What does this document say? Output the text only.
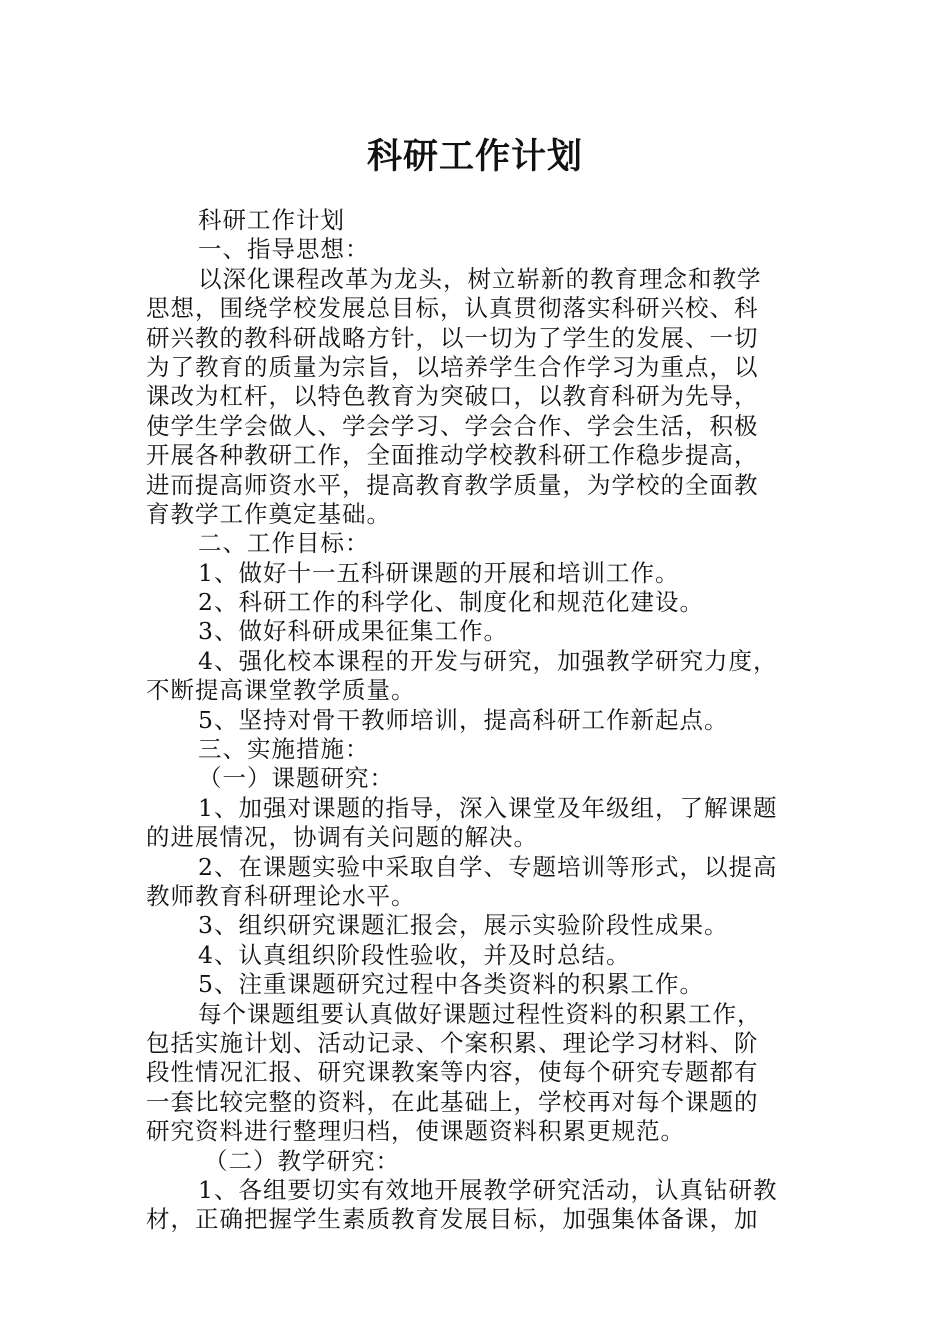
科研工作计划
科研工作计划
一、指导思想：
以深化课程改革为龙头，树立崭新的教育理念和教学
思想，围绕学校发展总目标，认真贯彻落实科研兴校、科
研兴教的教科研战略方针，以一切为了学生的发展、一切
为了教育的质量为宗旨，以培养学生合作学习为重点，以
课改为杠杆，以特色教育为突破口，以教育科研为先导，
使学生学会做人、学会学习、学会合作、学会生活，积极
开展各种教研工作，全面推动学校教科研工作稳步提高，
进而提高师资水平，提高教育教学质量，为学校的全面教
育教学工作奠定基础。
二、工作目标：
1、做好十一五科研课题的开展和培训工作。
2、科研工作的科学化、制度化和规范化建设。
3、做好科研成果征集工作。
4、强化校本课程的开发与研究，加强教学研究力度，
不断提高课堂教学质量。
5、坚持对骨干教师培训，提高科研工作新起点。
三、实施措施：
（一）课题研究：
1、加强对课题的指导，深入课堂及年级组，了解课题
的进展情况，协调有关问题的解决。
2、在课题实验中采取自学、专题培训等形式，以提高
教师教育科研理论水平。
3、组织研究课题汇报会，展示实验阶段性成果。
4、认真组织阶段性验收，并及时总结。
5、注重课题研究过程中各类资料的积累工作。
每个课题组要认真做好课题过程性资料的积累工作，
包括实施计划、活动记录、个案积累、理论学习材料、阶
段性情况汇报、研究课教案等内容，使每个研究专题都有
一套比较完整的资料，在此基础上，学校再对每个课题的
研究资料进行整理归档，使课题资料积累更规范。
（二）教学研究：
1、各组要切实有效地开展教学研究活动，认真钻研教
材，正确把握学生素质教育发展目标，加强集体备课，加
